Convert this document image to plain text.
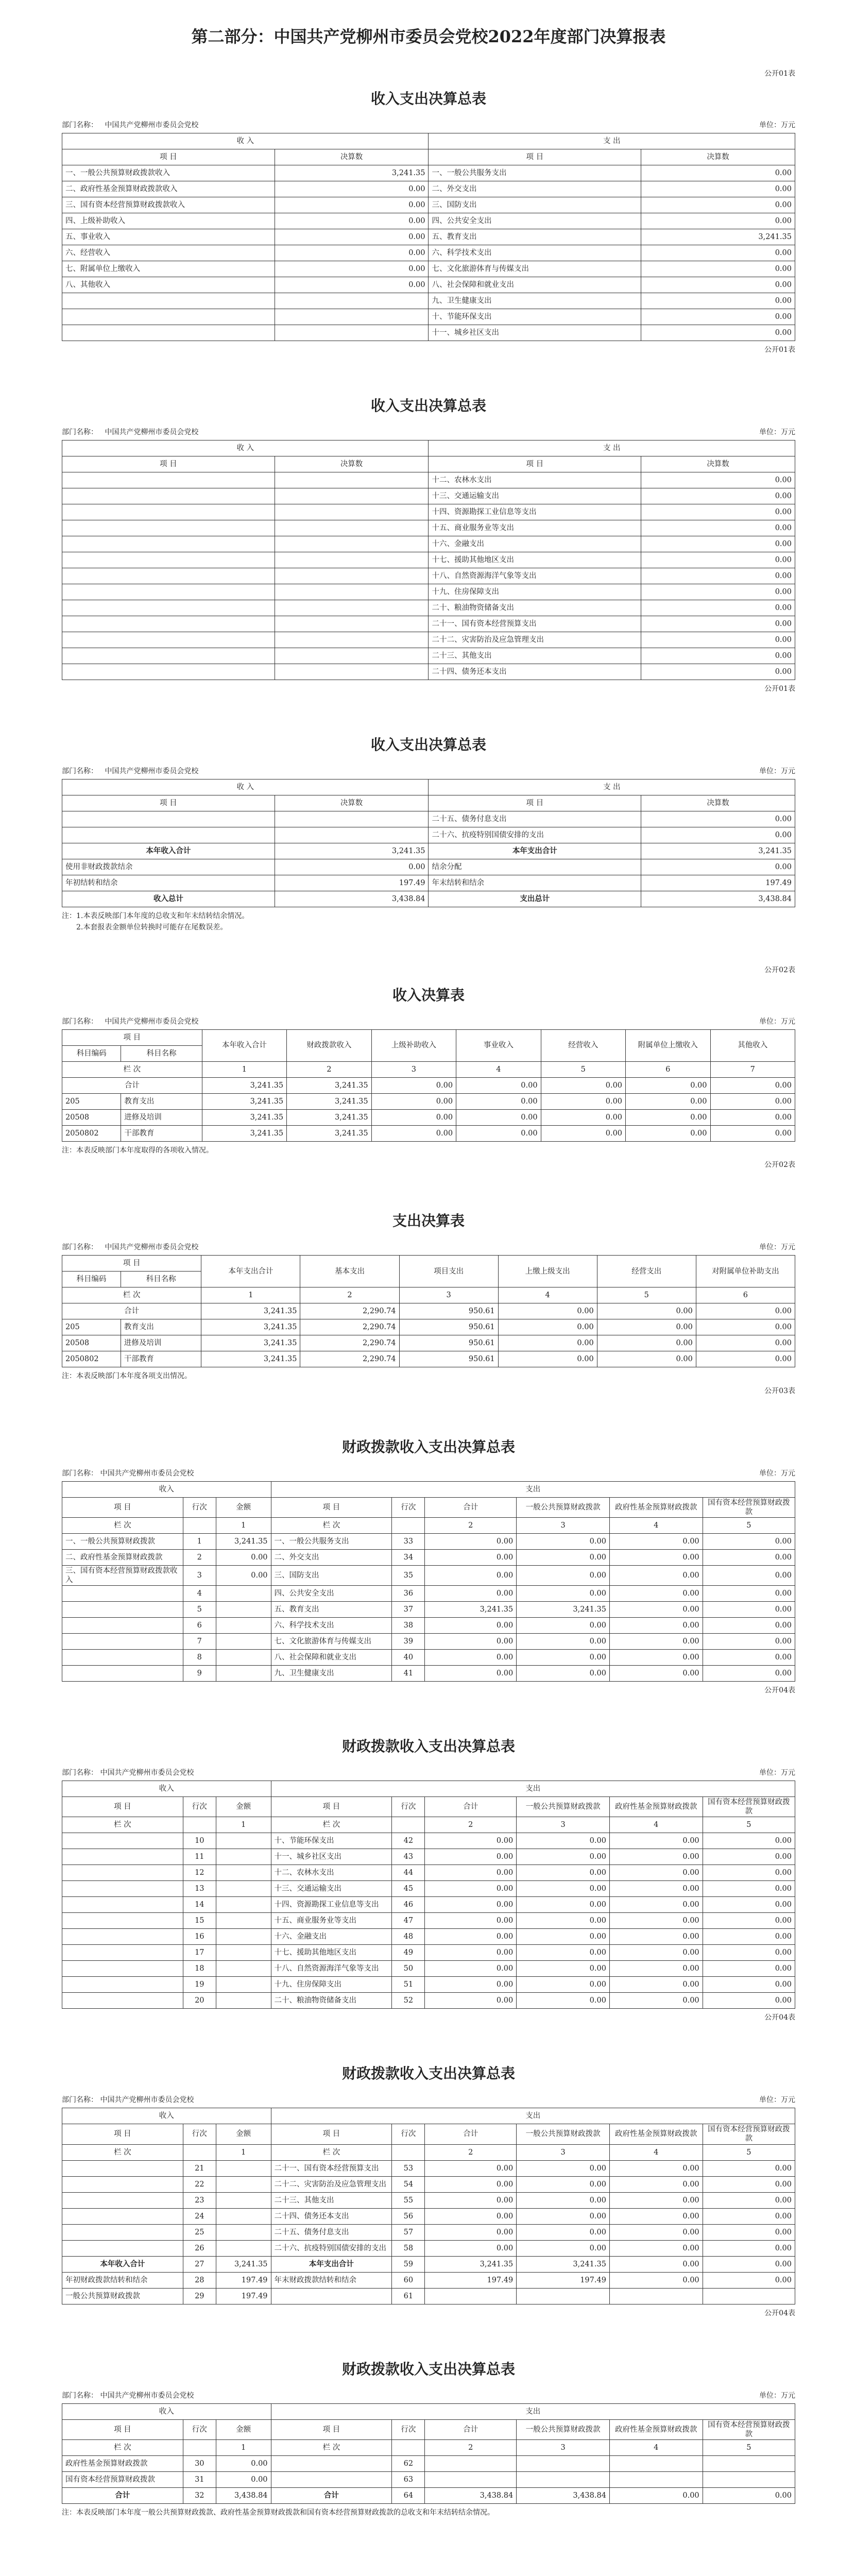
第二部分：中国共产党柳州市委员会党校2022年度部门决算报表
公开01表
收入支出决算总表
部门名称： 中国共产党柳州市委员会党校	单位：万元
收 入		支 出	
项 目	决算数	项 目	决算数
一、一般公共预算财政拨款收入	3,241.35	一、一般公共服务支出	0.00
二、政府性基金预算财政拨款收入	0.00	二、外交支出	0.00
三、国有资本经营预算财政拨款收入	0.00	三、国防支出	0.00
四、上级补助收入	0.00	四、公共安全支出	0.00
五、事业收入	0.00	五、教育支出	3,241.35
六、经营收入	0.00	六、科学技术支出	0.00
七、附属单位上缴收入	0.00	七、文化旅游体育与传媒支出	0.00
八、其他收入	0.00	八、社会保障和就业支出	0.00
		九、卫生健康支出	0.00
		十、节能环保支出	0.00
		十一、城乡社区支出	0.00
公开01表
收入支出决算总表
部门名称： 中国共产党柳州市委员会党校	单位：万元
收 入		支 出	
项 目	决算数	项 目	决算数
		十二、农林水支出	0.00
		十三、交通运输支出	0.00
		十四、资源勘探工业信息等支出	0.00
		十五、商业服务业等支出	0.00
		十六、金融支出	0.00
		十七、援助其他地区支出	0.00
		十八、自然资源海洋气象等支出	0.00
		十九、住房保障支出	0.00
		二十、粮油物资储备支出	0.00
		二十一、国有资本经营预算支出	0.00
		二十二、灾害防治及应急管理支出	0.00
		二十三、其他支出	0.00
		二十四、债务还本支出	0.00
公开01表
收入支出决算总表
部门名称： 中国共产党柳州市委员会党校	单位：万元
收 入		支 出	
项 目	决算数	项 目	决算数
		二十五、债务付息支出	0.00
		二十六、抗疫特别国债安排的支出	0.00
本年收入合计	3,241.35	本年支出合计	3,241.35
使用非财政拨款结余	0.00	结余分配	0.00
年初结转和结余	197.49	年末结转和结余	197.49
收入总计	3,438.84	支出总计	3,438.84
注：1.本表反映部门本年度的总收支和年末结转结余情况。
　　2.本套报表金额单位转换时可能存在尾数误差。
公开02表
收入决算表
部门名称： 中国共产党柳州市委员会党校	单位：万元
项 目		本年收入合计	财政拨款收入	上级补助收入	事业收入	经营收入	附属单位上缴收入	其他收入
科目编码	科目名称							
栏 次		1	2	3	4	5	6	7
合计		3,241.35	3,241.35	0.00	0.00	0.00	0.00	0.00
205	教育支出	3,241.35	3,241.35	0.00	0.00	0.00	0.00	0.00
20508	进修及培训	3,241.35	3,241.35	0.00	0.00	0.00	0.00	0.00
2050802	干部教育	3,241.35	3,241.35	0.00	0.00	0.00	0.00	0.00
注：本表反映部门本年度取得的各项收入情况。
公开02表
支出决算表
部门名称： 中国共产党柳州市委员会党校	单位：万元
项 目		本年支出合计	基本支出	项目支出	上缴上级支出	经营支出	对附属单位补助支出
科目编码	科目名称						
栏 次		1	2	3	4	5	6
合计		3,241.35	2,290.74	950.61	0.00	0.00	0.00
205	教育支出	3,241.35	2,290.74	950.61	0.00	0.00	0.00
20508	进修及培训	3,241.35	2,290.74	950.61	0.00	0.00	0.00
2050802	干部教育	3,241.35	2,290.74	950.61	0.00	0.00	0.00
注：本表反映部门本年度各项支出情况。
公开03表
财政拨款收入支出决算总表
部门名称： 中国共产党柳州市委员会党校	单位：万元
收入			支出					
项 目	行次	金额	项 目	行次	合计	一般公共预算财政拨款	政府性基金预算财政拨款	国有资本经营预算财政拨款
栏 次		1	栏 次		2	3	4	5
一、一般公共预算财政拨款	1	3,241.35	一、一般公共服务支出	33	0.00	0.00	0.00	0.00
二、政府性基金预算财政拨款	2	0.00	二、外交支出	34	0.00	0.00	0.00	0.00
三、国有资本经营预算财政拨款收入	3	0.00	三、国防支出	35	0.00	0.00	0.00	0.00
	4		四、公共安全支出	36	0.00	0.00	0.00	0.00
	5		五、教育支出	37	3,241.35	3,241.35	0.00	0.00
	6		六、科学技术支出	38	0.00	0.00	0.00	0.00
	7		七、文化旅游体育与传媒支出	39	0.00	0.00	0.00	0.00
	8		八、社会保障和就业支出	40	0.00	0.00	0.00	0.00
	9		九、卫生健康支出	41	0.00	0.00	0.00	0.00
公开04表
财政拨款收入支出决算总表
部门名称： 中国共产党柳州市委员会党校	单位：万元
收入			支出					
项 目	行次	金额	项 目	行次	合计	一般公共预算财政拨款	政府性基金预算财政拨款	国有资本经营预算财政拨款
栏 次		1	栏 次		2	3	4	5
	10		十、节能环保支出	42	0.00	0.00	0.00	0.00
	11		十一、城乡社区支出	43	0.00	0.00	0.00	0.00
	12		十二、农林水支出	44	0.00	0.00	0.00	0.00
	13		十三、交通运输支出	45	0.00	0.00	0.00	0.00
	14		十四、资源勘探工业信息等支出	46	0.00	0.00	0.00	0.00
	15		十五、商业服务业等支出	47	0.00	0.00	0.00	0.00
	16		十六、金融支出	48	0.00	0.00	0.00	0.00
	17		十七、援助其他地区支出	49	0.00	0.00	0.00	0.00
	18		十八、自然资源海洋气象等支出	50	0.00	0.00	0.00	0.00
	19		十九、住房保障支出	51	0.00	0.00	0.00	0.00
	20		二十、粮油物资储备支出	52	0.00	0.00	0.00	0.00
公开04表
财政拨款收入支出决算总表
部门名称： 中国共产党柳州市委员会党校	单位：万元
收入			支出					
项 目	行次	金额	项 目	行次	合计	一般公共预算财政拨款	政府性基金预算财政拨款	国有资本经营预算财政拨款
栏 次		1	栏 次		2	3	4	5
	21		二十一、国有资本经营预算支出	53	0.00	0.00	0.00	0.00
	22		二十二、灾害防治及应急管理支出	54	0.00	0.00	0.00	0.00
	23		二十三、其他支出	55	0.00	0.00	0.00	0.00
	24		二十四、债务还本支出	56	0.00	0.00	0.00	0.00
	25		二十五、债务付息支出	57	0.00	0.00	0.00	0.00
	26		二十六、抗疫特别国债安排的支出	58	0.00	0.00	0.00	0.00
本年收入合计	27	3,241.35	本年支出合计	59	3,241.35	3,241.35	0.00	0.00
年初财政拨款结转和结余	28	197.49	年末财政拨款结转和结余	60	197.49	197.49	0.00	0.00
一般公共预算财政拨款	29	197.49		61				
公开04表
财政拨款收入支出决算总表
部门名称： 中国共产党柳州市委员会党校	单位：万元
收入			支出					
项 目	行次	金额	项 目	行次	合计	一般公共预算财政拨款	政府性基金预算财政拨款	国有资本经营预算财政拨款
栏 次		1	栏 次		2	3	4	5
政府性基金预算财政拨款	30	0.00		62				
国有资本经营预算财政拨款	31	0.00		63				
合计	32	3,438.84	合计	64	3,438.84	3,438.84	0.00	0.00
注：本表反映部门本年度一般公共预算财政拨款、政府性基金预算财政拨款和国有资本经营预算财政拨款的总收支和年末结转结余情况。
